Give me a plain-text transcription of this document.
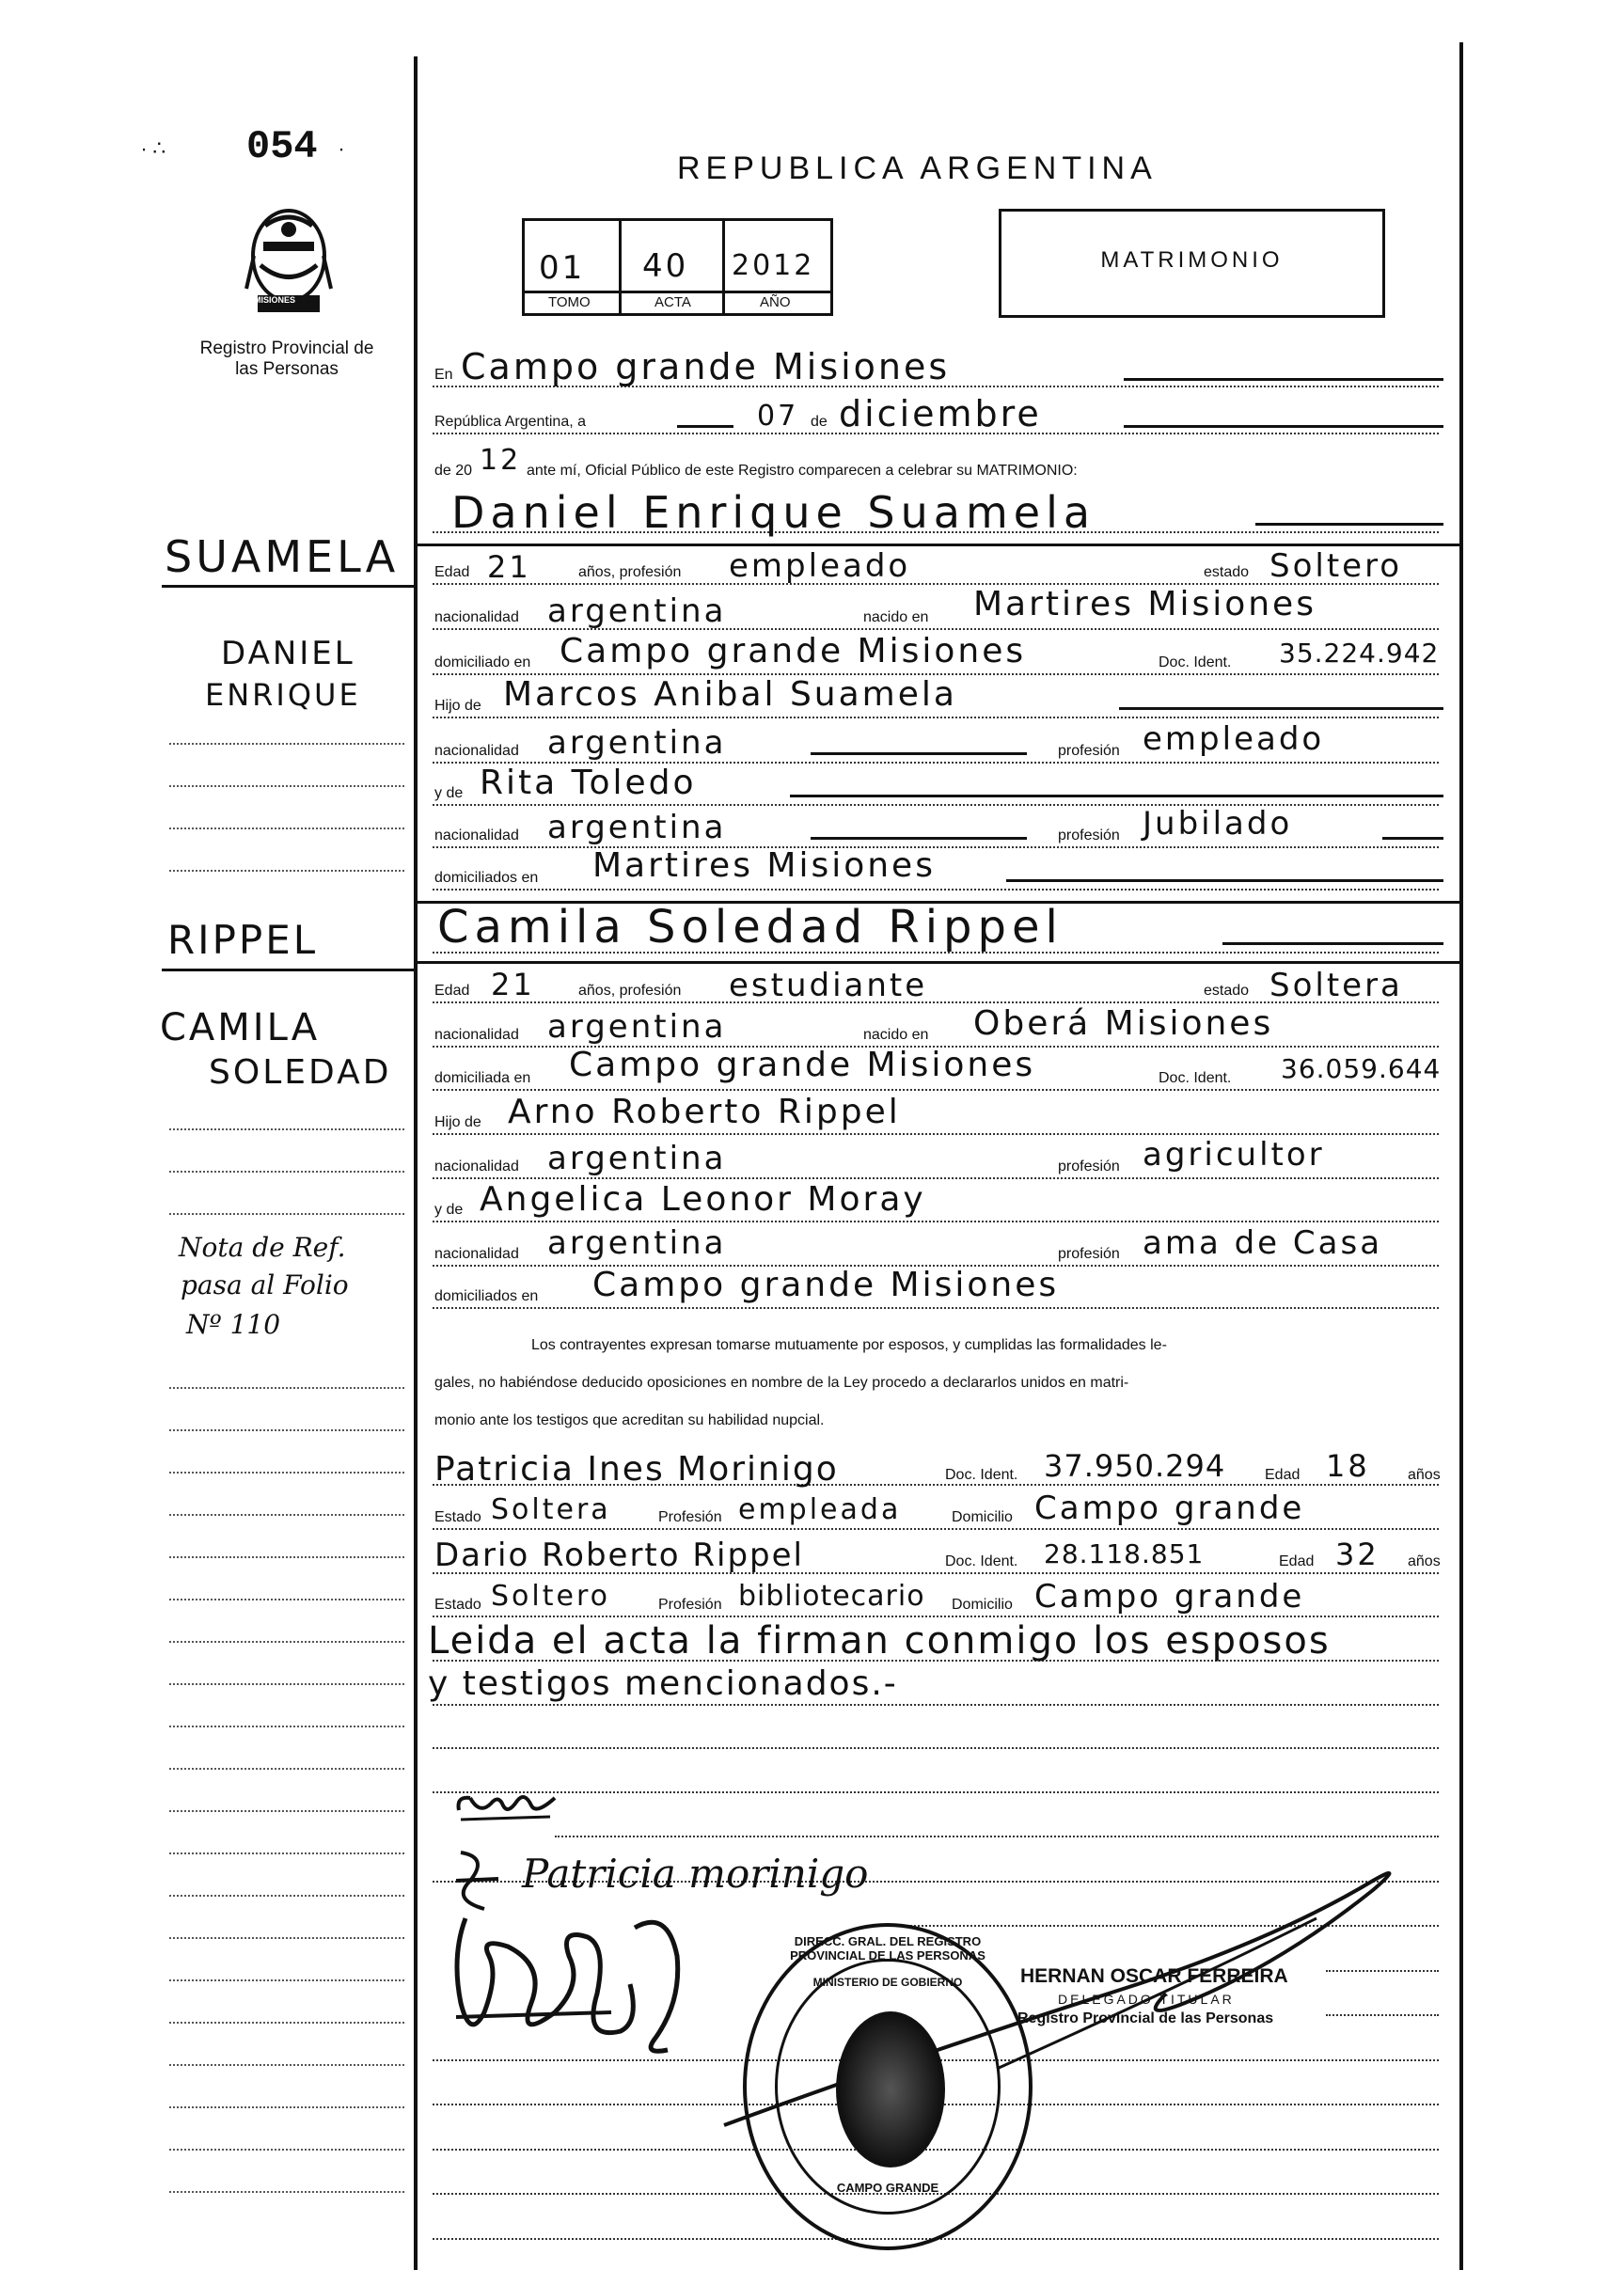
∙ ∴ 054 ∙
MISIONES
Registro Provincial de las Personas
SUAMELA
DANIEL
ENRIQUE
RIPPEL
CAMILA
SOLEDAD
Nota de Ref.
pasa al Folio
Nº 110
REPUBLICA ARGENTINA
01 40 2012
TOMO	ACTA	AÑO
MATRIMONIO
En Campo grande Misiones
República Argentina, a	07 de diciembre
de 20 12 ante mí, Oficial Público de este Registro comparecen a celebrar su MATRIMONIO:
Daniel Enrique Suamela
Edad 21	años, profesión empleado	estado Soltero
nacionalidad argentina	nacido en Martires Misiones
domiciliado en Campo grande Misiones	Doc. Ident. 35.224.942
Hijo de Marcos Anibal Suamela
nacionalidad argentina	profesión empleado
y de Rita Toledo
nacionalidad argentina	profesión Jubilado
domiciliados en Martires Misiones
Camila Soledad Rippel
Edad 21	años, profesión estudiante	estado Soltera
nacionalidad argentina	nacido en Oberá Misiones
domiciliada en Campo grande Misiones	Doc. Ident. 36.059.644
Hijo de Arno Roberto Rippel
nacionalidad argentina	profesión agricultor
y de Angelica Leonor Moray
nacionalidad argentina	profesión ama de Casa
domiciliados en Campo grande Misiones
Los contrayentes expresan tomarse mutuamente por esposos, y cumplidas las formalidades le-
gales, no habiéndose deducido oposiciones en nombre de la Ley procedo a declararlos unidos en matri-
monio ante los testigos que acreditan su habilidad nupcial.
Patricia Ines Morinigo	Doc. Ident. 37.950.294	Edad 18	años
Estado Soltera	Profesión empleada	Domicilio Campo grande
Dario Roberto Rippel	Doc. Ident. 28.118.851	Edad 32 años
Estado Soltero	Profesión bibliotecario Domicilio Campo grande
Leida el acta la firman conmigo los esposos
y testigos mencionados.-
Patricia morinigo
DIRECC. GRAL. DEL REGISTRO PROVINCIAL DE LAS PERSONAS
MINISTERIO DE GOBIERNO
CAMPO GRANDE
HERNAN OSCAR FERREIRA
DELEGADO TITULAR
Registro Provincial de las Personas
